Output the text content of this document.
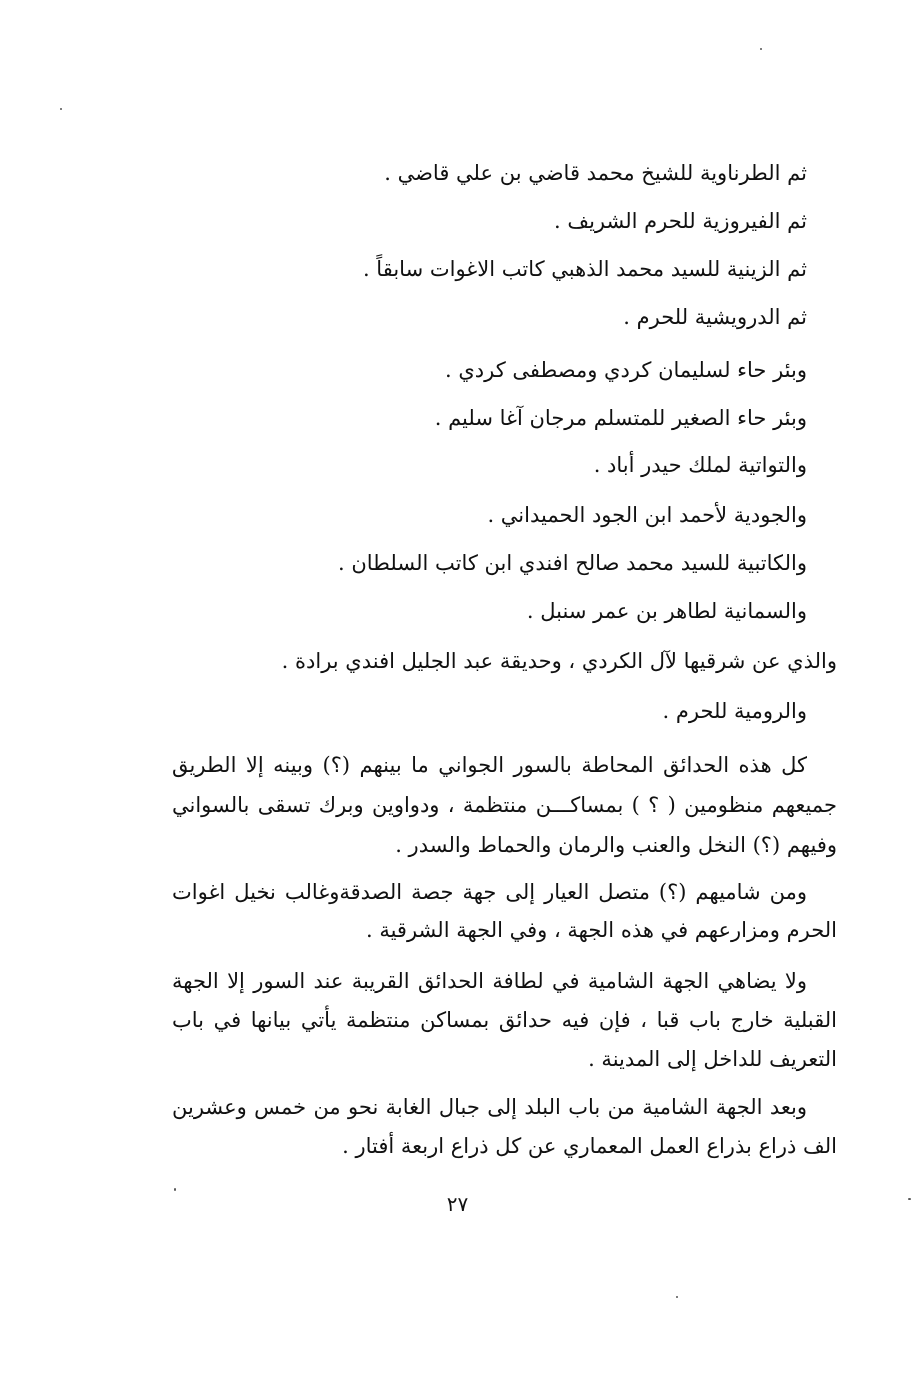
ثم الطرناوية للشيخ محمد قاضي بن علي قاضي .
ثم الفيروزية للحرم الشريف .
ثم الزينية للسيد محمد الذهبي كاتب الاغوات سابقاً .
ثم الدرويشية للحرم .
وبئر حاء لسليمان كردي ومصطفى كردي .
وبئر حاء الصغير للمتسلم مرجان آغا سليم .
والتواتية لملك حيدر أباد .
والجودية لأحمد ابن الجود الحميداني .
والكاتبية للسيد محمد صالح افندي ابن كاتب السلطان .
والسمانية لطاهر بن عمر سنبل .
والذي عن شرقيها لآل الكردي ، وحديقة عبد الجليل افندي برادة .
والرومية للحرم .
كل هذه الحدائق المحاطة بالسور الجواني ما بينهم (؟) وبينه إلا الطريق
جميعهم منظومين ( ؟ ) بمساكـــن منتظمة ، ودواوين وبرك تسقى بالسواني
وفيهم (؟) النخل والعنب والرمان والحماط والسدر .
ومن شاميهم (؟) متصل العيار إلى جهة جصة الصدقةوغالب نخيل اغوات
الحرم ومزارعهم في هذه الجهة ، وفي الجهة الشرقية .
ولا يضاهي الجهة الشامية في لطافة الحدائق القريبة عند السور إلا الجهة
القبلية خارج باب قبا ، فإن فيه حدائق بمساكن منتظمة يأتي بيانها في باب
التعريف للداخل إلى المدينة .
وبعد الجهة الشامية من باب البلد إلى جبال الغابة نحو من خمس وعشرين
الف ذراع بذراع العمل المعماري عن كل ذراع اربعة أفتار .
٢٧
